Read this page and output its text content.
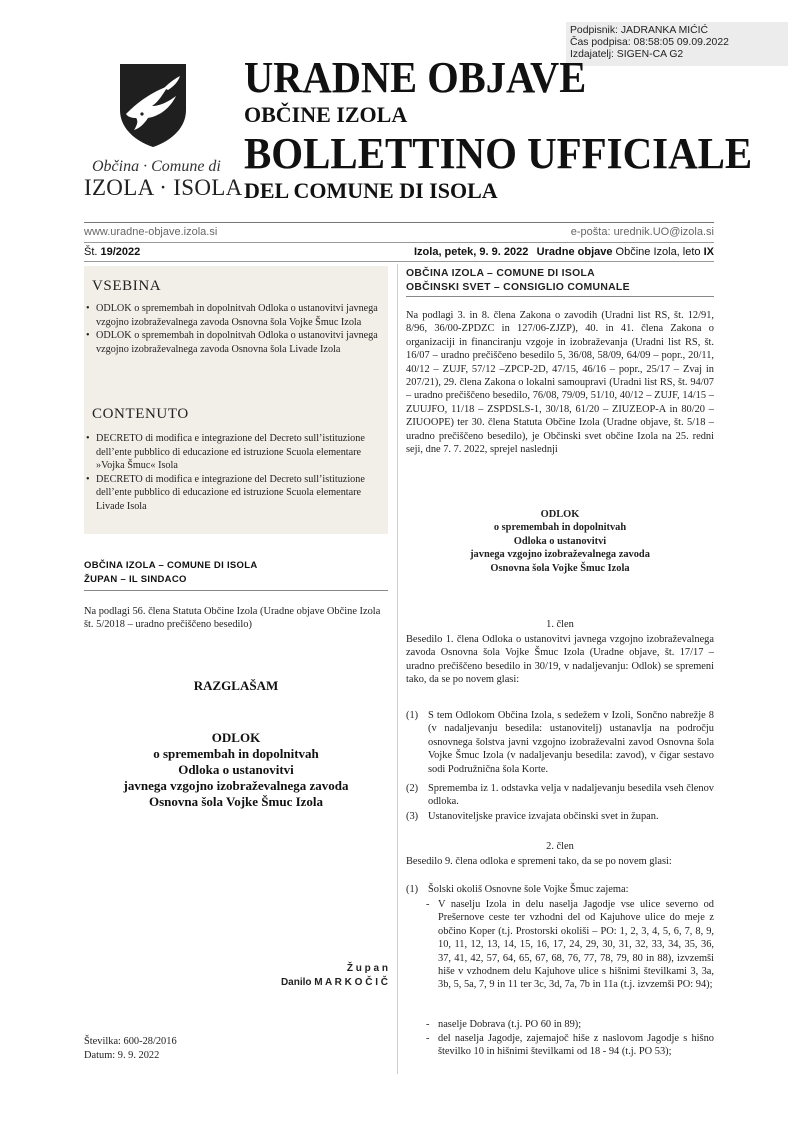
Podpisnik: JADRANKA MIĆIĆ
Čas podpisa: 08:58:05 09.09.2022
Izdajatelj: SIGEN-CA G2
Občina · Comune di
IZOLA · ISOLA
URADNE OBJAVE
OBČINE IZOLA
BOLLETTINO UFFICIALE
DEL COMUNE DI ISOLA
www.uradne-objave.izola.si	e-pošta: urednik.UO@izola.si
Št. 19/2022	Izola, petek, 9. 9. 2022 Uradne objave Občine Izola, leto IX
VSEBINA
• ODLOK o spremembah in dopolnitvah Odloka o ustanovitvi javnega vzgojno izobraževalnega zavoda Osnovna šola Vojke Šmuc Izola
• ODLOK o spremembah in dopolnitvah Odloka o ustanovitvi javnega vzgojno izobraževalnega zavoda Osnovna šola Livade Izola
CONTENUTO
• DECRETO di modifica e integrazione del Decreto sull’istituzione dell’ente pubblico di educazione ed istruzione Scuola elementare »Vojka Šmuc« Isola
• DECRETO di modifica e integrazione del Decreto sull’istituzione dell’ente pubblico di educazione ed istruzione Scuola elementare Livade Isola
OBČINA IZOLA – COMUNE DI ISOLA
ŽUPAN – IL SINDACO
Na podlagi 56. člena Statuta Občine Izola (Uradne objave Občine Izola št. 5/2018 – uradno prečiščeno besedilo)
RAZGLAŠAM
ODLOK
o spremembah in dopolnitvah
Odloka o ustanovitvi
javnega vzgojno izobraževalnega zavoda
Osnovna šola Vojke Šmuc Izola
Ž u p a n
Danilo M A R K O Č I Č
Številka: 600-28/2016
Datum: 9. 9. 2022
OBČINA IZOLA – COMUNE DI ISOLA
OBČINSKI SVET – CONSIGLIO COMUNALE
Na podlagi 3. in 8. člena Zakona o zavodih (Uradni list RS, št. 12/91, 8/96, 36/00-ZPDZC in 127/06-ZJZP), 40. in 41. člena Zakona o organizaciji in financiranju vzgoje in izobraževanja (Uradni list RS, št. 16/07 – uradno prečiščeno besedilo 5, 36/08, 58/09, 64/09 – popr., 20/11, 40/12 – ZUJF, 57/12 –ZPCP-2D, 47/15, 46/16 – popr., 25/17 – Zvaj in 207/21), 29. člena Zakona o lokalni samoupravi (Uradni list RS, št. 94/07 – uradno prečiščeno besedilo, 76/08, 79/09, 51/10, 40/12 – ZUJF, 14/15 – ZUUJFO, 11/18 – ZSPDSLS-1, 30/18, 61/20 – ZIUZEOP-A in 80/20 – ZIUOOPE) ter 30. člena Statuta Občine Izola (Uradne objave, št. 5/18 – uradno prečiščeno besedilo), je Občinski svet občine Izola na 25. redni seji, dne 7. 7. 2022, sprejel naslednji
ODLOK
o spremembah in dopolnitvah
Odloka o ustanovitvi
javnega vzgojno izobraževalnega zavoda
Osnovna šola Vojke Šmuc Izola
1. člen
Besedilo 1. člena Odloka o ustanovitvi javnega vzgojno izobraževalnega zavoda Osnovna šola Vojke Šmuc Izola (Uradne objave, št. 17/17 – uradno prečiščeno besedilo in 30/19, v nadaljevanju: Odlok) se spremeni tako, da se po novem glasi:
(1) S tem Odlokom Občina Izola, s sedežem v Izoli, Sončno nabrežje 8 (v nadaljevanju besedila: ustanovitelj) ustanavlja na področju osnovnega šolstva javni vzgojno izobraževalni zavod Osnovna šola Vojke Šmuc Izola (v nadaljevanju besedila: zavod), v čigar sestavo sodi Podružnična šola Korte.
(2) Sprememba iz 1. odstavka velja v nadaljevanju besedila vseh členov odloka.
(3) Ustanoviteljske pravice izvajata občinski svet in župan.
2. člen
Besedilo 9. člena odloka e spremeni tako, da se po novem glasi:
(1) Šolski okoliš Osnovne šole Vojke Šmuc zajema:
- V naselju Izola in delu naselja Jagodje vse ulice severno od Prešernove ceste ter vzhodni del od Kajuhove ulice do meje z občino Koper (t.j. Prostorski okoliši – PO: 1, 2, 3, 4, 5, 6, 7, 8, 9, 10, 11, 12, 13, 14, 15, 16, 17, 24, 29, 30, 31, 32, 33, 34, 35, 36, 37, 41, 42, 57, 64, 65, 67, 68, 76, 77, 78, 79, 80 in 88), izvzemši hiše v vzhodnem delu Kajuhove ulice s hišnimi številkami 3, 3a, 3b, 5, 5a, 7, 9 in 11 ter 3c, 3d, 7a, 7b in 11a (t.j. izvzemši PO: 94);
- naselje Dobrava (t.j. PO 60 in 89);
- del naselja Jagodje, zajemajoč hiše z naslovom Jagodje s hišno številko 10 in hišnimi številkami od 18 - 94 (t.j. PO 53);
